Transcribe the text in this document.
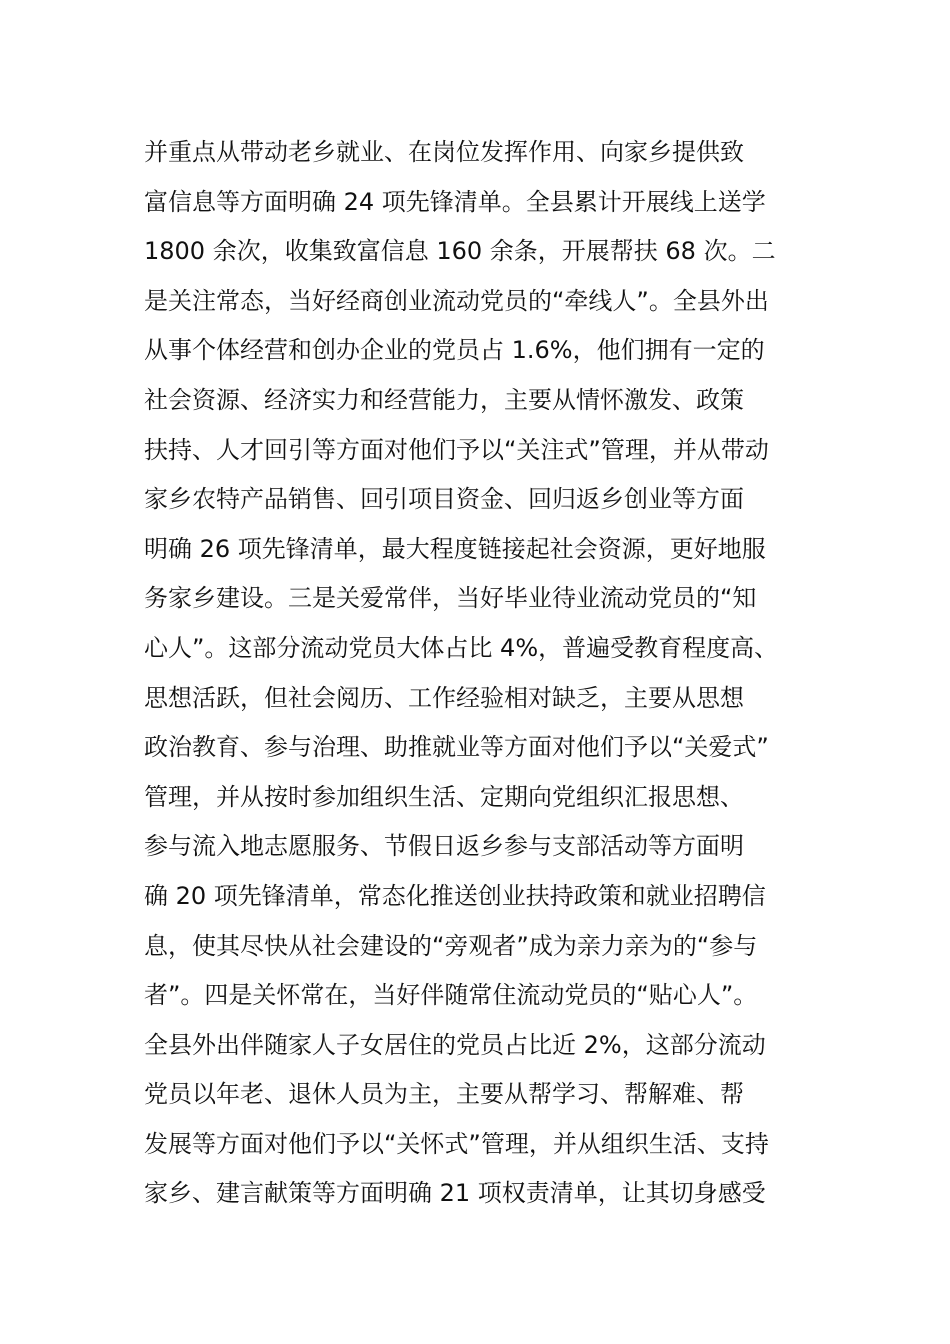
并重点从带动老乡就业、在岗位发挥作用、向家乡提供致
富信息等方面明确 24 项先锋清单。全县累计开展线上送学
1800 余次，收集致富信息 160 余条，开展帮扶 68 次。二
是关注常态，当好经商创业流动党员的“牵线人”。全县外出
从事个体经营和创办企业的党员占 1.6%，他们拥有一定的
社会资源、经济实力和经营能力，主要从情怀激发、政策
扶持、人才回引等方面对他们予以“关注式”管理，并从带动
家乡农特产品销售、回引项目资金、回归返乡创业等方面
明确 26 项先锋清单，最大程度链接起社会资源，更好地服
务家乡建设。三是关爱常伴，当好毕业待业流动党员的“知
心人”。这部分流动党员大体占比 4%，普遍受教育程度高、
思想活跃，但社会阅历、工作经验相对缺乏，主要从思想
政治教育、参与治理、助推就业等方面对他们予以“关爱式”
管理，并从按时参加组织生活、定期向党组织汇报思想、
参与流入地志愿服务、节假日返乡参与支部活动等方面明
确 20 项先锋清单，常态化推送创业扶持政策和就业招聘信
息，使其尽快从社会建设的“旁观者”成为亲力亲为的“参与
者”。四是关怀常在，当好伴随常住流动党员的“贴心人”。
全县外出伴随家人子女居住的党员占比近 2%，这部分流动
党员以年老、退休人员为主，主要从帮学习、帮解难、帮
发展等方面对他们予以“关怀式”管理，并从组织生活、支持
家乡、建言献策等方面明确 21 项权责清单，让其切身感受
